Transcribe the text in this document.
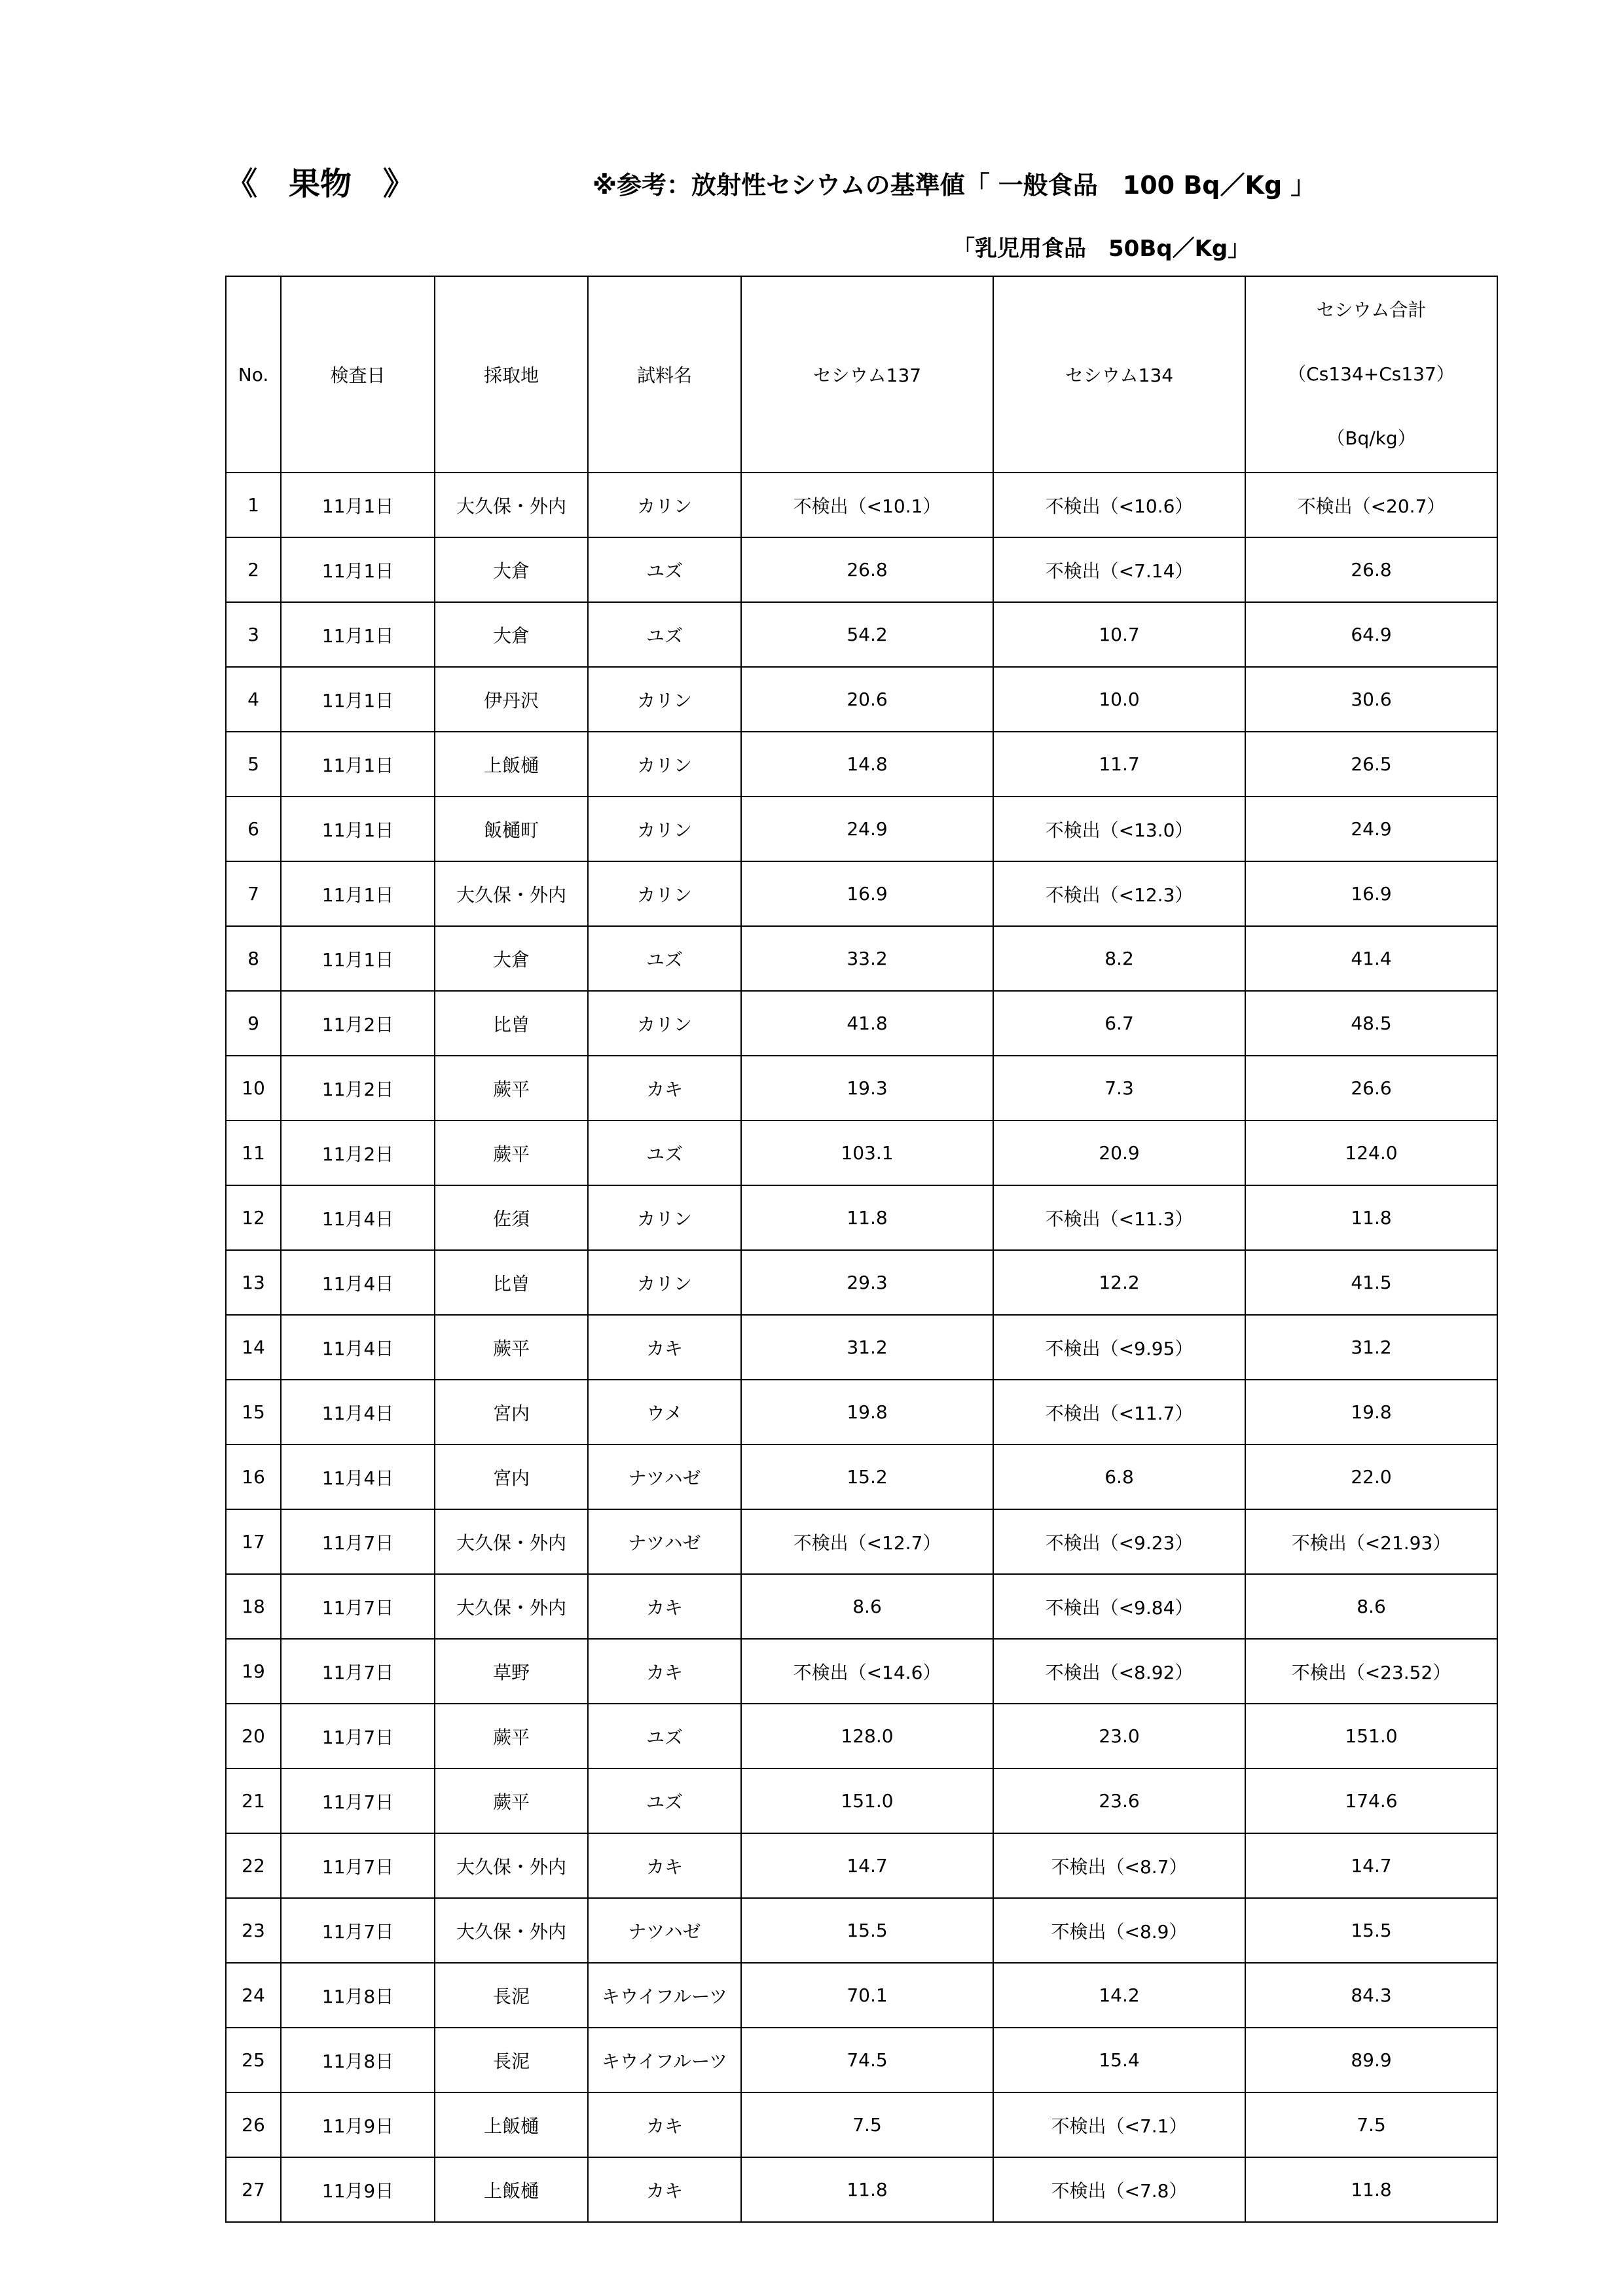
《　果物　》	※参考：放射性セシウムの基準値「 一般食品　100 Bq／Kg 」
「乳児用食品　50Bq／Kg」
No.	検査日	採取地	試料名	セシウム137	セシウム134	セシウム合計
（Cs134+Cs137）
（Bq/kg）

1	11月1日	大久保・外内	カリン	不検出（<10.1）	不検出（<10.6）	不検出（<20.7）
2	11月1日	大倉	ユズ	26.8	不検出（<7.14）	26.8
3	11月1日	大倉	ユズ	54.2	10.7	64.9
4	11月1日	伊丹沢	カリン	20.6	10.0	30.6
5	11月1日	上飯樋	カリン	14.8	11.7	26.5
6	11月1日	飯樋町	カリン	24.9	不検出（<13.0）	24.9
7	11月1日	大久保・外内	カリン	16.9	不検出（<12.3）	16.9
8	11月1日	大倉	ユズ	33.2	8.2	41.4
9	11月2日	比曽	カリン	41.8	6.7	48.5
10	11月2日	蕨平	カキ	19.3	7.3	26.6
11	11月2日	蕨平	ユズ	103.1	20.9	124.0
12	11月4日	佐須	カリン	11.8	不検出（<11.3）	11.8
13	11月4日	比曽	カリン	29.3	12.2	41.5
14	11月4日	蕨平	カキ	31.2	不検出（<9.95）	31.2
15	11月4日	宮内	ウメ	19.8	不検出（<11.7）	19.8
16	11月4日	宮内	ナツハゼ	15.2	6.8	22.0
17	11月7日	大久保・外内	ナツハゼ	不検出（<12.7）	不検出（<9.23）	不検出（<21.93）
18	11月7日	大久保・外内	カキ	8.6	不検出（<9.84）	8.6
19	11月7日	草野	カキ	不検出（<14.6）	不検出（<8.92）	不検出（<23.52）
20	11月7日	蕨平	ユズ	128.0	23.0	151.0
21	11月7日	蕨平	ユズ	151.0	23.6	174.6
22	11月7日	大久保・外内	カキ	14.7	不検出（<8.7）	14.7
23	11月7日	大久保・外内	ナツハゼ	15.5	不検出（<8.9）	15.5
24	11月8日	長泥	キウイフルーツ	70.1	14.2	84.3
25	11月8日	長泥	キウイフルーツ	74.5	15.4	89.9
26	11月9日	上飯樋	カキ	7.5	不検出（<7.1）	7.5
27	11月9日	上飯樋	カキ	11.8	不検出（<7.8）	11.8
